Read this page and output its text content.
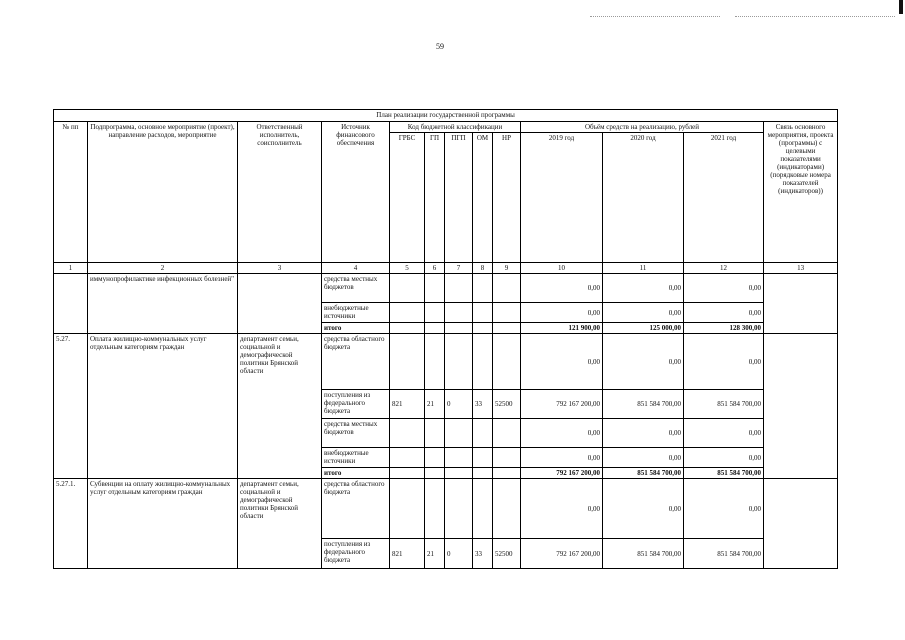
59
План реализации государственной программы												
№ пп	Подпрограмма, основное мероприятие (проект), направление расходов, мероприятие	Ответственный исполнитель, соисполнитель	Источник финансового обеспечения	Код бюджетной классификации					Объём средств на реализацию, рублей			Связь основного мероприятия, проекта (программы) с целевыми показателями (индикаторами) (порядковые номера показателей (индикаторов))
				ГРБС	ГП	ПГП	ОМ	НР	2019 год	2020 год	2021 год	
1	2	3	4	5	6	7	8	9	10	11	12	13
	иммунопрофилактике инфекционных болезней"		средства местных бюджетов						0,00	0,00	0,00	
			внебюджетные источники						0,00	0,00	0,00	
			итого						121 900,00	125 000,00	128 300,00	
5.27.	Оплата жилищно-коммунальных услуг отдельным категориям граждан	департамент семьи, социальной и демографической политики Брянской области	средства областного бюджета						0,00	0,00	0,00	
			поступления из федерального бюджета	821	21	0	33	52500	792 167 200,00	851 584 700,00	851 584 700,00	
			средства местных бюджетов						0,00	0,00	0,00	
			внебюджетные источники						0,00	0,00	0,00	
			итого						792 167 200,00	851 584 700,00	851 584 700,00	
5.27.1.	Субвенции на оплату жилищно-коммунальных услуг отдельным категориям граждан	департамент семьи, социальной и демографической политики Брянской области	средства областного бюджета						0,00	0,00	0,00	
			поступления из федерального бюджета	821	21	0	33	52500	792 167 200,00	851 584 700,00	851 584 700,00	
